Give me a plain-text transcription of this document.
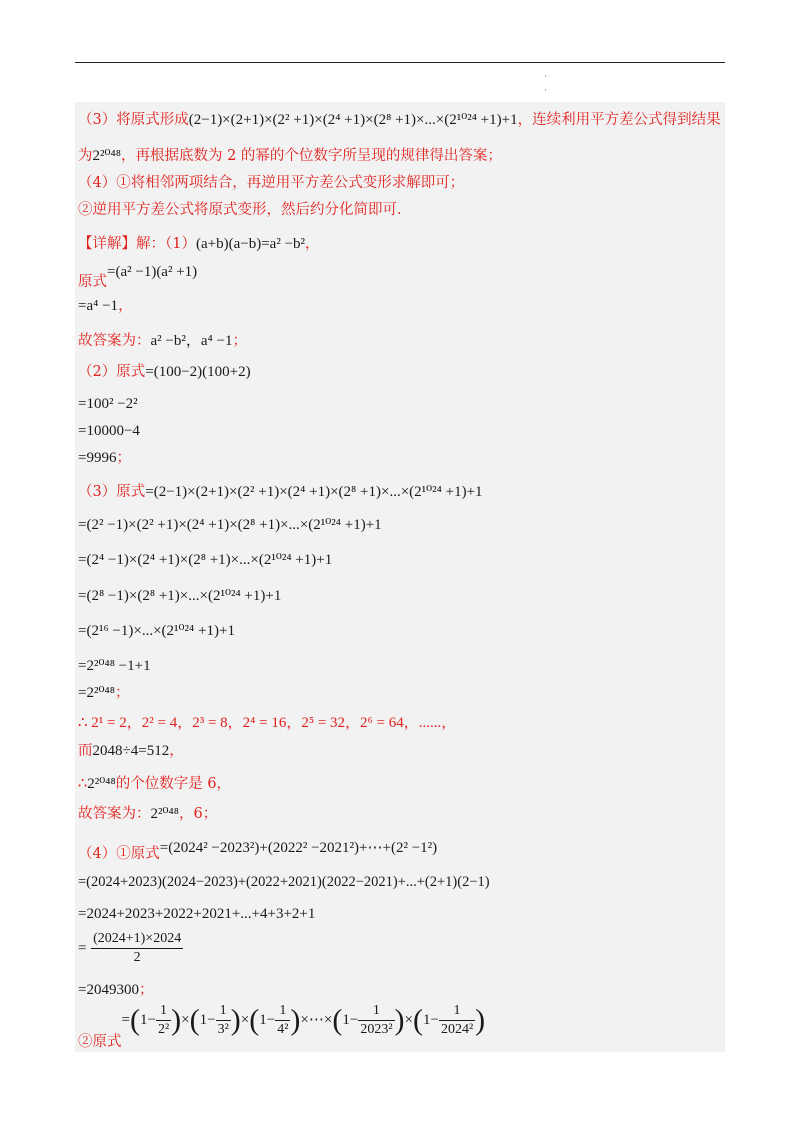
·
·
（3）将原式形成(2−1)×(2+1)×(2² +1)×(2⁴ +1)×(2⁸ +1)×...×(2¹⁰²⁴ +1)+1，连续利用平方差公式得到结果
为2²⁰⁴⁸，再根据底数为 2 的幂的个位数字所呈现的规律得出答案；
（4）①将相邻两项结合，再逆用平方差公式变形求解即可；
②逆用平方差公式将原式变形，然后约分化简即可.
【详解】解：（1）(a+b)(a−b)=a² −b²，
原式=(a² −1)(a² +1)
=a⁴ −1，
故答案为：a² −b²，a⁴ −1；
（2）原式=(100−2)(100+2)
=100² −2²
=10000−4
=9996；
（3）原式=(2−1)×(2+1)×(2² +1)×(2⁴ +1)×(2⁸ +1)×...×(2¹⁰²⁴ +1)+1
=(2² −1)×(2² +1)×(2⁴ +1)×(2⁸ +1)×...×(2¹⁰²⁴ +1)+1
=(2⁴ −1)×(2⁴ +1)×(2⁸ +1)×...×(2¹⁰²⁴ +1)+1
=(2⁸ −1)×(2⁸ +1)×...×(2¹⁰²⁴ +1)+1
=(2¹⁶ −1)×...×(2¹⁰²⁴ +1)+1
=2²⁰⁴⁸ −1+1
=2²⁰⁴⁸；
∴ 2¹ = 2，2² = 4，2³ = 8，2⁴ = 16，2⁵ = 32，2⁶ = 64，......，
而2048÷4=512，
∴2²⁰⁴⁸的个位数字是 6，
故答案为：2²⁰⁴⁸，6；
（4）①原式=(2024² −2023²)+(2022² −2021²)+⋯+(2² −1²)
=(2024+2023)(2024−2023)+(2022+2021)(2022−2021)+...+(2+1)(2−1)
=2024+2023+2022+2021+...+4+3+2+1
= $\frac{(2024+1)\times 2024}{2}$
=2049300；
②原式$=(1- \frac{1}{\text{2²}} )\times(1- \frac{1}{\text{3²}} )\times(1- \frac{1}{\text{4²}}$ )×⋯×(1− $\frac{1}{\text{2023²}} )\times(1- \frac{1}{\text{2024²}}$ )
